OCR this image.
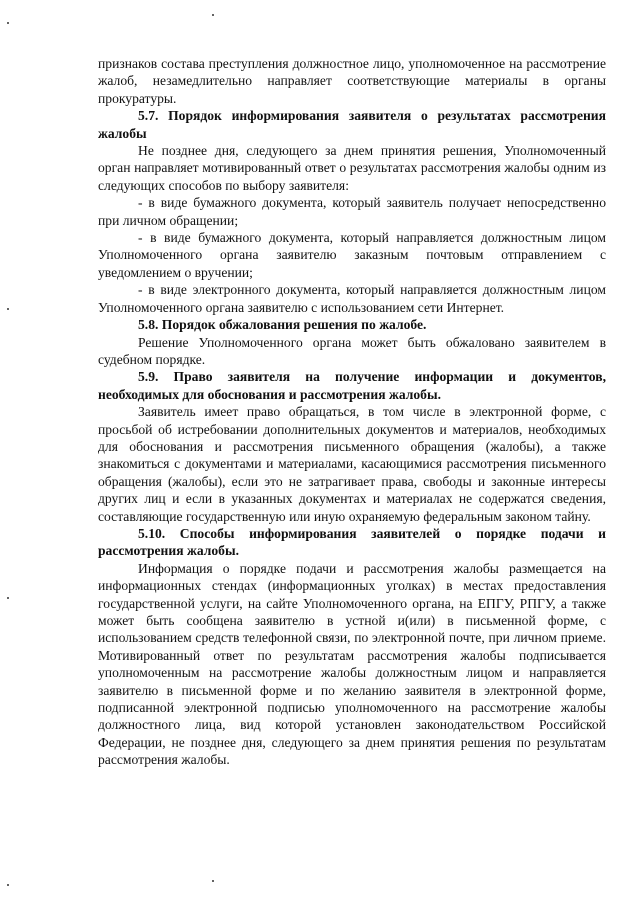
признаков состава преступления должностное лицо, уполномоченное на рассмотрение жалоб, незамедлительно направляет соответствующие материалы в органы прокуратуры.

5.7. Порядок информирования заявителя о результатах рассмотрения жалобы

Не позднее дня, следующего за днем принятия решения, Уполномоченный орган направляет мотивированный ответ о результатах рассмотрения жалобы одним из следующих способов по выбору заявителя:

- в виде бумажного документа, который заявитель получает непосредственно при личном обращении;

- в виде бумажного документа, который направляется должностным лицом Уполномоченного органа заявителю заказным почтовым отправлением с уведомлением о вручении;

- в виде электронного документа, который направляется должностным лицом Уполномоченного органа заявителю с использованием сети Интернет.

5.8. Порядок обжалования решения по жалобе.

Решение Уполномоченного органа может быть обжаловано заявителем в судебном порядке.

5.9. Право заявителя на получение информации и документов, необходимых для обоснования и рассмотрения жалобы.

Заявитель имеет право обращаться, в том числе в электронной форме, с просьбой об истребовании дополнительных документов и материалов, необходимых для обоснования и рассмотрения письменного обращения (жалобы), а также знакомиться с документами и материалами, касающимися рассмотрения письменного обращения (жалобы), если это не затрагивает права, свободы и законные интересы других лиц и если в указанных документах и материалах не содержатся сведения, составляющие государственную или иную охраняемую федеральным законом тайну.

5.10. Способы информирования заявителей о порядке подачи и рассмотрения жалобы.

Информация о порядке подачи и рассмотрения жалобы размещается на информационных стендах (информационных уголках) в местах предоставления государственной услуги, на сайте Уполномоченного органа, на ЕПГУ, РПГУ, а также может быть сообщена заявителю в устной и(или) в письменной форме, с использованием средств телефонной связи, по электронной почте, при личном приеме. Мотивированный ответ по результатам рассмотрения жалобы подписывается уполномоченным на рассмотрение жалобы должностным лицом и направляется заявителю в письменной форме и по желанию заявителя в электронной форме, подписанной электронной подписью уполномоченного на рассмотрение жалобы должностного лица, вид которой установлен законодательством Российской Федерации, не позднее дня, следующего за днем принятия решения по результатам рассмотрения жалобы.
